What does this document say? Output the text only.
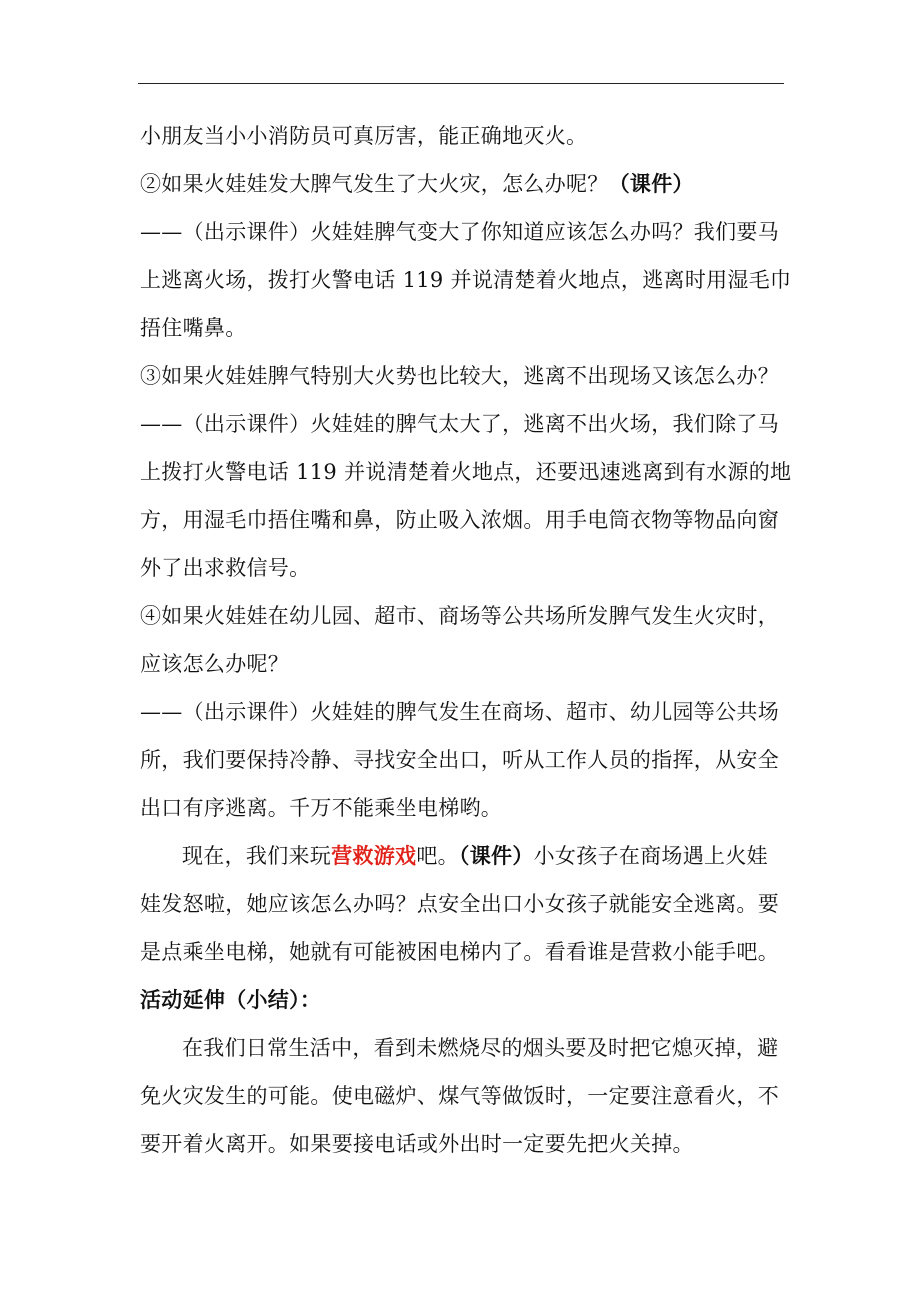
小朋友当小小消防员可真厉害，能正确地灭火。
②如果火娃娃发大脾气发生了大火灾，怎么办呢？（课件）
——（出示课件）火娃娃脾气变大了你知道应该怎么办吗？我们要马
上逃离火场，拨打火警电话 119 并说清楚着火地点，逃离时用湿毛巾
捂住嘴鼻。
③如果火娃娃脾气特别大火势也比较大，逃离不出现场又该怎么办？
——（出示课件）火娃娃的脾气太大了，逃离不出火场，我们除了马
上拨打火警电话 119 并说清楚着火地点，还要迅速逃离到有水源的地
方，用湿毛巾捂住嘴和鼻，防止吸入浓烟。用手电筒衣物等物品向窗
外了出求救信号。
④如果火娃娃在幼儿园、超市、商场等公共场所发脾气发生火灾时，
应该怎么办呢？
——（出示课件）火娃娃的脾气发生在商场、超市、幼儿园等公共场
所，我们要保持冷静、寻找安全出口，听从工作人员的指挥，从安全
出口有序逃离。千万不能乘坐电梯哟。
现在，我们来玩营救游戏吧。（课件）小女孩子在商场遇上火娃
娃发怒啦，她应该怎么办吗？点安全出口小女孩子就能安全逃离。要
是点乘坐电梯，她就有可能被困电梯内了。看看谁是营救小能手吧。
活动延伸（小结）：
在我们日常生活中，看到未燃烧尽的烟头要及时把它熄灭掉，避
免火灾发生的可能。使电磁炉、煤气等做饭时，一定要注意看火，不
要开着火离开。如果要接电话或外出时一定要先把火关掉。
